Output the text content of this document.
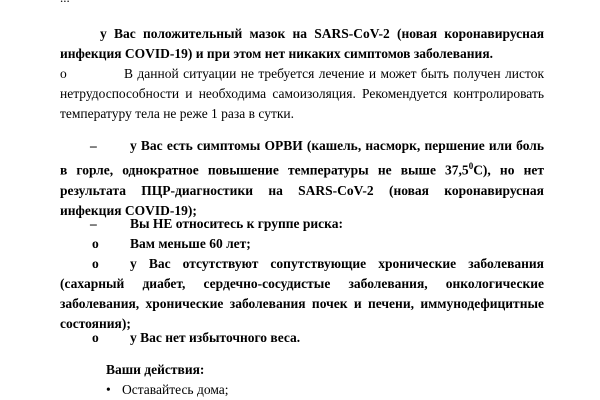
у Вас положительный мазок на SARS-CoV-2 (новая коронавирусная инфекция COVID-19) и при этом нет никаких симптомов заболевания.
o	В данной ситуации не требуется лечение и может быть получен листок нетрудоспособности и необходима самоизоляция. Рекомендуется контролировать температуру тела не реже 1 раза в сутки.
– у Вас есть симптомы ОРВИ (кашель, насморк, першение или боль в горле, однократное повышение температуры не выше 37,5$^0$С), но нет результата ПЦР-диагностики на SARS-CoV-2 (новая коронавирусная инфекция COVID-19);
– Вы НЕ относитесь к группе риска:
o Вам меньше 60 лет;
o у Вас отсутствуют сопутствующие хронические заболевания (сахарный диабет, сердечно-сосудистые заболевания, онкологические заболевания, хронические заболевания почек и печени, иммунодефицитные состояния);
o у Вас нет избыточного веса.
Ваши действия:
• Оставайтесь дома;
